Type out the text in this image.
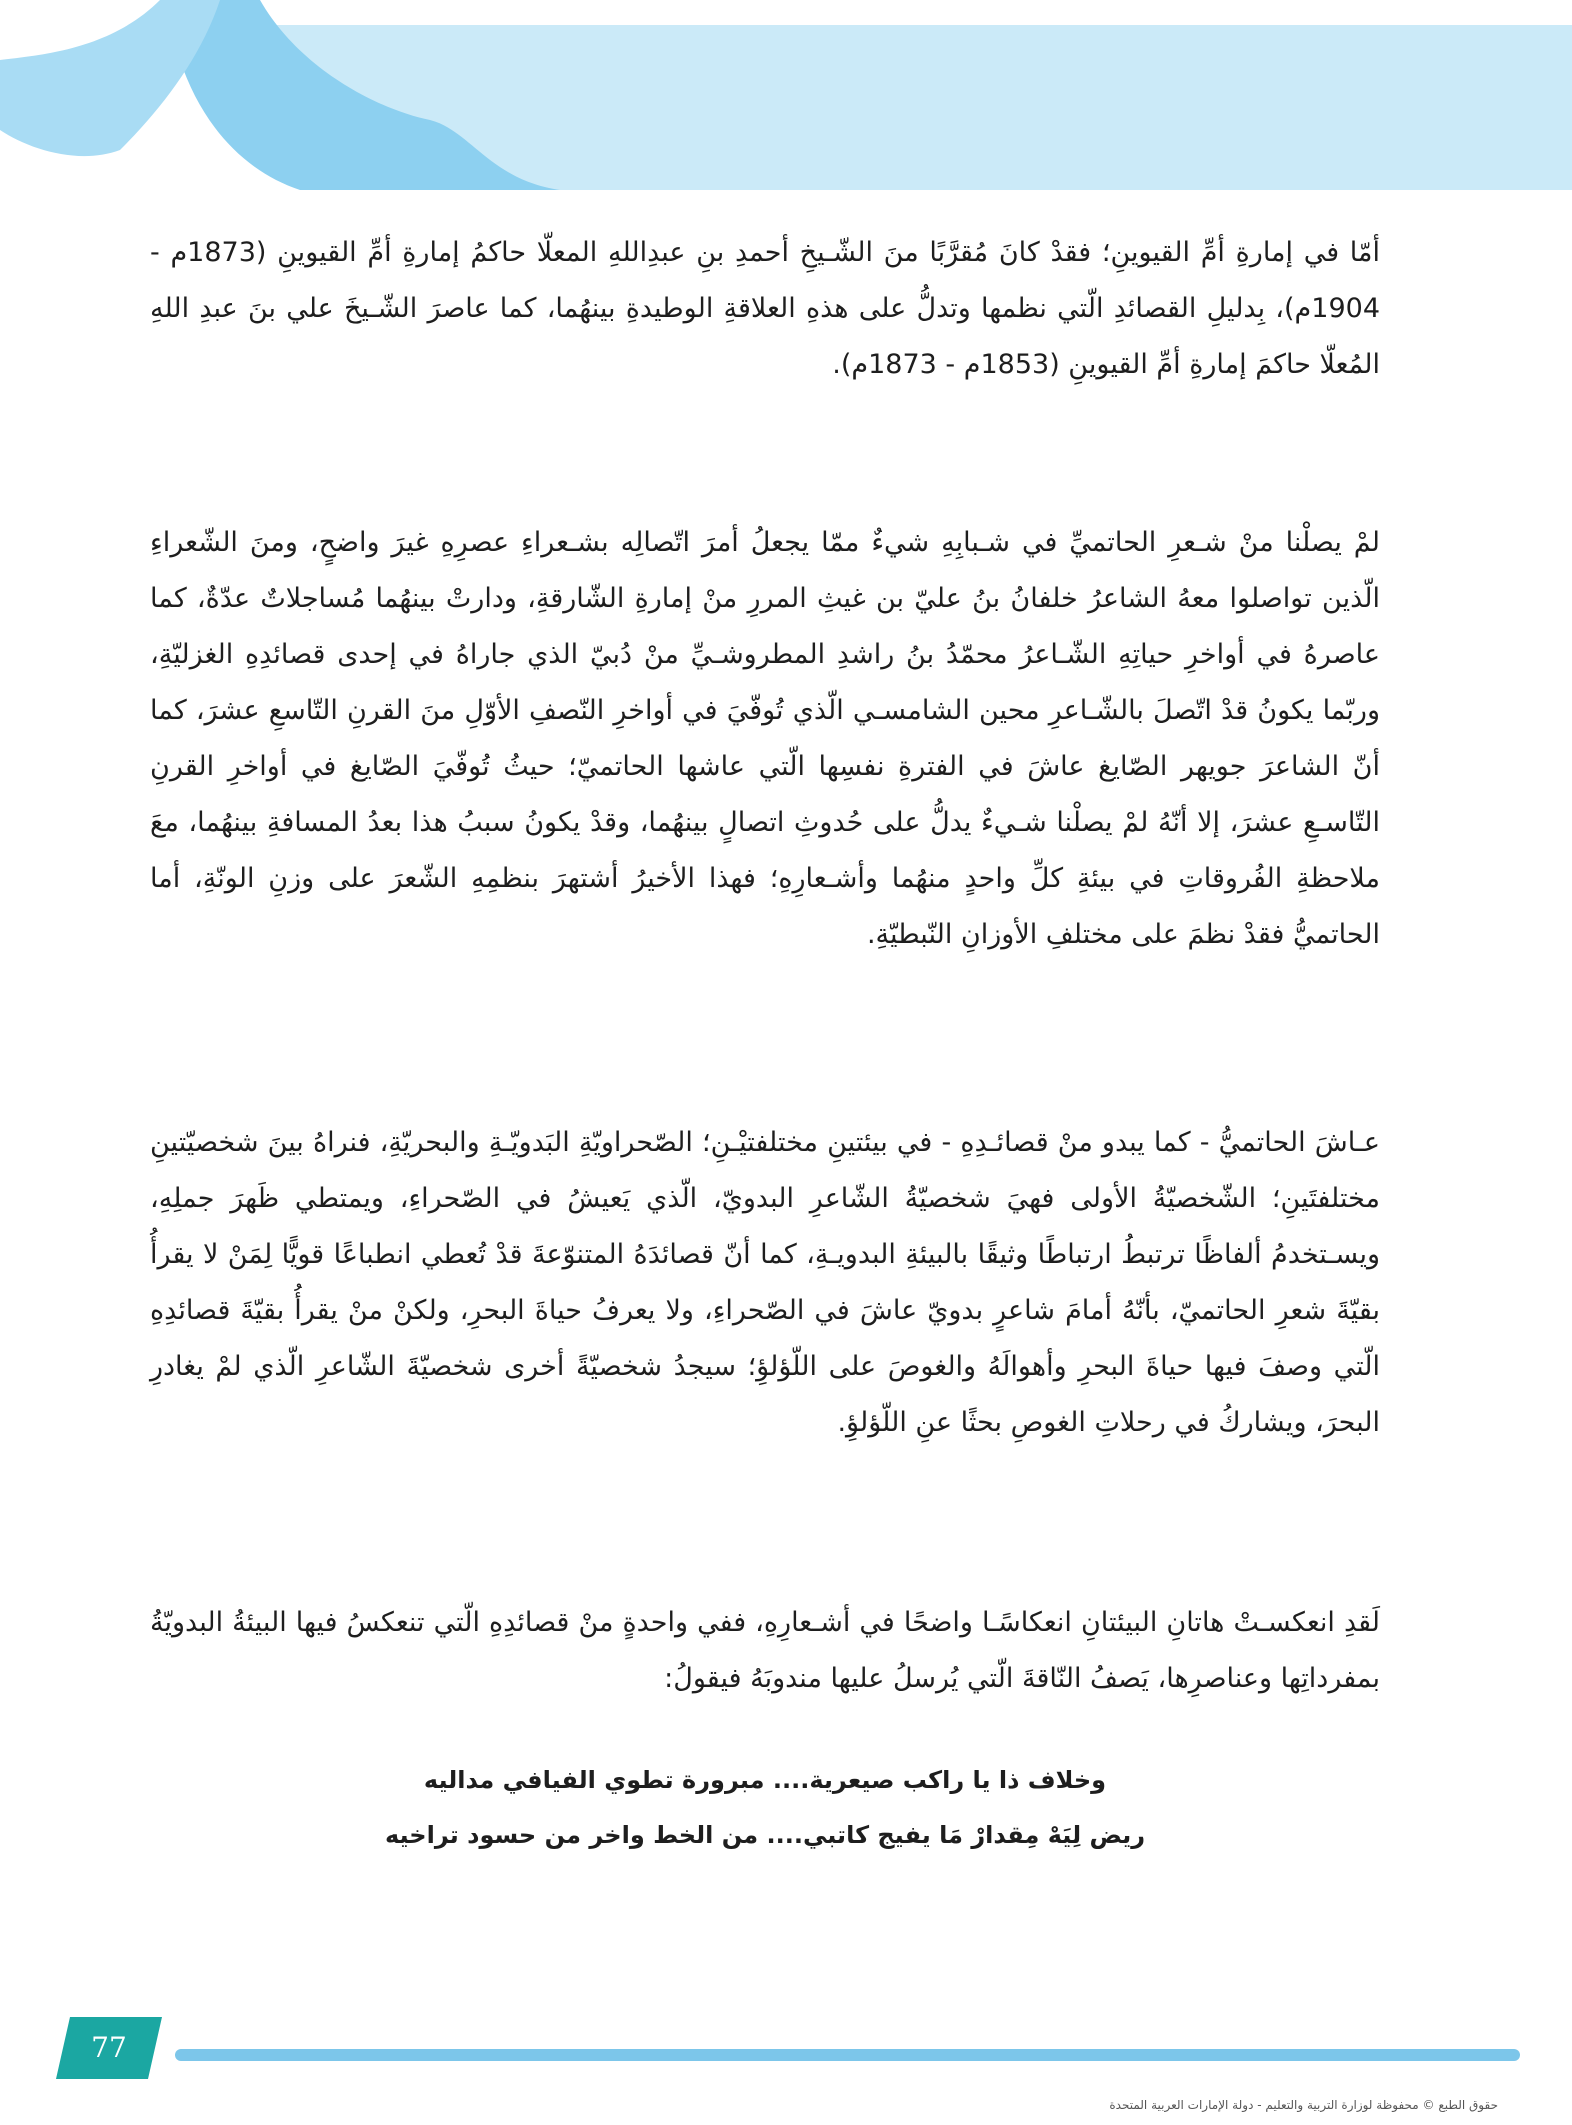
أمّا في إمارةِ أمِّ القيوينِ؛ فقدْ كانَ مُقرَّبًا منَ الشّـيخِ أحمدِ بنِ عبدِاللهِ المعلّا حاكمُ إمارةِ أمِّ القيوينِ (1873م - 1904م)، بِدليلِ القصائدِ الّتي نظمها وتدلُّ على هذهِ العلاقةِ الوطيدةِ بينهُما، كما عاصرَ الشّـيخَ علي بنَ عبدِ اللهِ المُعلّا حاكمَ إمارةِ أمِّ القيوينِ (1853م - 1873م).

لمْ يصلْنا منْ شـعرِ الحاتميِّ في شـبابِهِ شيءٌ ممّا يجعلُ أمرَ اتّصالِه بشـعراءِ عصرِهِ غيرَ واضحٍ، ومنَ الشّعراءِ الّذين تواصلوا معهُ الشاعرُ خلفانُ بنُ عليّ بن غيثِ المررِ منْ إمارةِ الشّارقةِ، ودارتْ بينهُما مُساجلاتٌ عدّةٌ، كما عاصرهُ في أواخرِ حياتِهِ الشّـاعرُ محمّدُ بنُ راشدِ المطروشـيِّ منْ دُبيّ الذي جاراهُ في إحدى قصائدِهِ الغزليّةِ، وربّما يكونُ قدْ اتّصلَ بالشّـاعرِ محين الشامسـي الّذي تُوفّيَ في أواخرِ النّصفِ الأوّلِ منَ القرنِ التّاسعِ عشرَ، كما أنّ الشاعرَ جويهر الصّايغ عاشَ في الفترةِ نفسِها الّتي عاشها الحاتميّ؛ حيثُ تُوفّيَ الصّايغ في أواخرِ القرنِ التّاسـعِ عشرَ، إلا أنّهُ لمْ يصلْنا شـيءٌ يدلُّ على حُدوثِ اتصالٍ بينهُما، وقدْ يكونُ سببُ هذا بعدُ المسافةِ بينهُما، معَ ملاحظةِ الفُروقاتِ في بيئةِ كلِّ واحدٍ منهُما وأشـعارِهِ؛ فهذا الأخيرُ أشتهرَ بنظمِهِ الشّعرَ على وزنِ الونّةِ، أما الحاتميُّ فقدْ نظمَ على مختلفِ الأوزانِ النّبطيّةِ.

عـاشَ الحاتميُّ - كما يبدو منْ قصائـدِهِ - في بيئتينِ مختلفتيْـنِ؛ الصّحراويّةِ البَدويّـةِ والبحريّةِ، فنراهُ بينَ شخصيّتينِ مختلفتَينِ؛ الشّخصيّةُ الأولى فهيَ شخصيّةُ الشّاعرِ البدويّ، الّذي يَعيشُ في الصّحراءِ، ويمتطي ظَهرَ جملِهِ، ويسـتخدمُ ألفاظًا ترتبطُ ارتباطًا وثيقًا بالبيئةِ البدويـةِ، كما أنّ قصائدَهُ المتنوّعةَ قدْ تُعطي انطباعًا قويًّا لِمَنْ لا يقرأُ بقيّةَ شعرِ الحاتميّ، بأنّهُ أمامَ شاعرٍ بدويّ عاشَ في الصّحراءِ، ولا يعرفُ حياةَ البحرِ، ولكنْ منْ يقرأُ بقيّةَ قصائدِهِ الّتي وصفَ فيها حياةَ البحرِ وأهوالَهُ والغوصَ على اللّؤلؤِ؛ سيجدُ شخصيّةً أخرى شخصيّةَ الشّاعرِ الّذي لمْ يغادرِ البحرَ، ويشاركُ في رحلاتِ الغوصِ بحثًا عنِ اللّؤلؤِ.

لَقدِ انعكسـتْ هاتانِ البيئتانِ انعكاسًـا واضحًا في أشـعارِهِ، ففي واحدةٍ منْ قصائدِهِ الّتي تنعكسُ فيها البيئةُ البدويّةُ بمفرداتِها وعناصرِها، يَصفُ النّاقةَ الّتي يُرسلُ عليها مندوبَهُ فيقولُ:

وخلاف ذا يا راكب صيعرية.... مبرورة تطوي الفيافي مداليه

ريض لِيَهْ مِقدارْ مَا يفيج كاتبي.... من الخط واخر من حسود تراخيه

77
حقوق الطبع © محفوظة لوزارة التربية والتعليم - دولة الإمارات العربية المتحدة
